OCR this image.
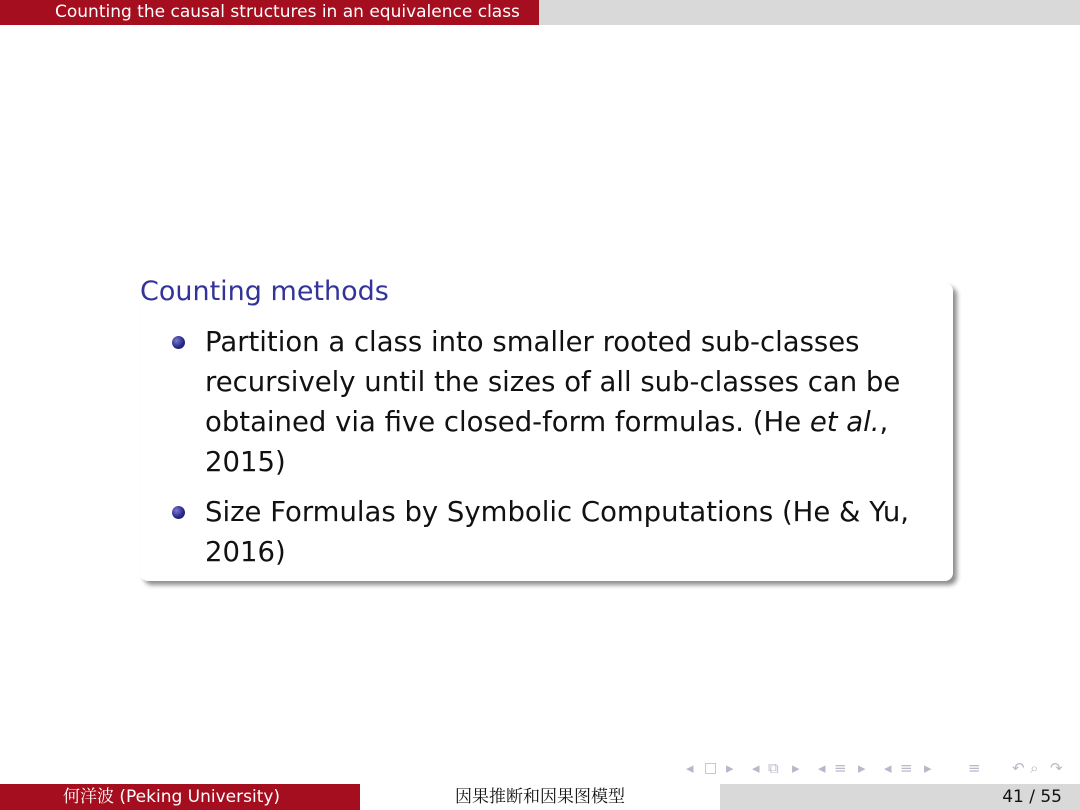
Counting the causal structures in an equivalence class
Counting methods
Partition a class into smaller rooted sub-classes recursively until the sizes of all sub-classes can be obtained via five closed-form formulas. (He et al., 2015)
Size Formulas by Symbolic Computations (He & Yu, 2016)
◂ □ ▸ ◂ ⧉ ▸ ◂ ≡ ▸ ◂ ≡ ▸ ≡ ↶ ⌕ ↷
何洋波 (Peking University)	因果推断和因果图模型	41 / 55
